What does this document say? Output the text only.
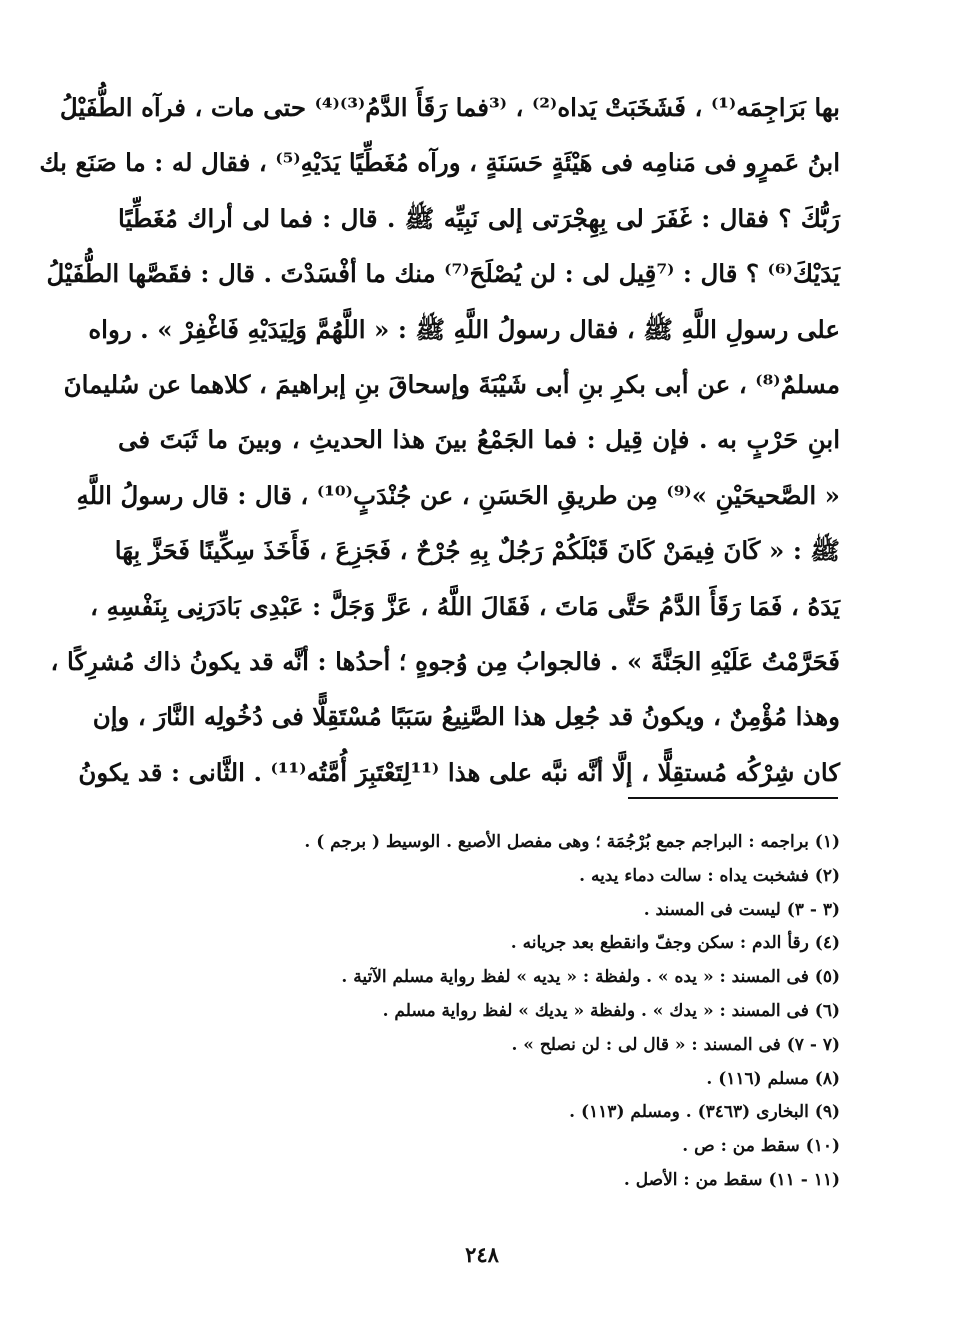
بها بَرَاجِمَه⁽¹⁾ ، فَشَخَبَتْ يَداه⁽²⁾ ، ⁽³فما رَقَأَ الدَّمُ⁽³⁾⁽⁴⁾ حتى مات ، فرآه الطُّفَيْلُ
ابنُ عَمرٍو فى مَنامِه فى هَيْئَةٍ حَسَنَةٍ ، ورآه مُغَطِّيًا يَدَيْهِ⁽⁵⁾ ، فقال له : ما صَنَع بك
رَبُّكَ ؟ فقال : غَفَرَ لى بِهِجْرَتى إلى نَبِيِّه ﷺ . قال : فما لى أراك مُغَطِّيًا
يَدَيْكَ⁽⁶⁾ ؟ قال : ⁽⁷قِيل لى : لن يُصْلَحَ⁽⁷⁾ منك ما أفْسَدْتَ . قال : فقَصَّها الطُّفَيْلُ
على رسولِ اللَّهِ ﷺ ، فقال رسولُ اللَّهِ ﷺ : « اللَّهُمَّ وَلِيَدَيْهِ فَاغْفِرْ » . رواه
مسلمٌ⁽⁸⁾ ، عن أبى بكرِ بنِ أبى شَيْبَةَ وإسحاقَ بنِ إبراهيمَ ، كلاهما عن سُليمانَ
ابنِ حَرْبٍ به . فإن قِيل : فما الجَمْعُ بينَ هذا الحديثِ ، وبينَ ما ثَبَتَ فى
« الصَّحيحَيْنِ »⁽⁹⁾ مِن طريقِ الحَسَنِ ، عن جُنْدَبٍ⁽¹⁰⁾ ، قال : قال رسولُ اللَّهِ
ﷺ : « كَانَ فِيمَنْ كَانَ قَبْلَكُمْ رَجُلٌ بِهِ جُرْحٌ ، فَجَزِعَ ، فَأَخَذَ سِكِّينًا فَحَزَّ بِهَا
يَدَهُ ، فَمَا رَقَأَ الدَّمُ حَتَّى مَاتَ ، فَقَالَ اللَّهُ ، عَزَّ وَجَلَّ : عَبْدِى بَادَرَنِى بِنَفْسِهِ ،
فَحَرَّمْتُ عَلَيْهِ الجَنَّةَ » . فالجوابُ مِن وُجوهٍ ؛ أحدُها : أنَّه قد يكونُ ذاك مُشرِكًا ،
وهذا مُؤْمِنٌ ، ويكونُ قد جُعِل هذا الصَّنِيعُ سَبَبًا مُسْتَقِلًّا فى دُخُولِه النَّارَ ، وإن
كان شِرْكُه مُستقِلًّا ، إلَّا أنَّه نبَّه على هذا ⁽¹¹لِتَعْتَبِرَ أُمَّتُه⁽¹¹⁾ . الثَّانى : قد يكونُ
(١) براجمه : البراجم جمع بُرْجُمَة ؛ وهى مفصل الأصبع . الوسيط ( برجم ) .
(٢) فشخبت يداه : سالت دماء يديه .
(٣ - ٣) ليست فى المسند .
(٤) رقأ الدم : سكن وجفّ وانقطع بعد جريانه .
(٥) فى المسند : « يده » . ولفظة : « يديه » لفظ رواية مسلم الآتية .
(٦) فى المسند : « يدك » . ولفظة « يديك » لفظ رواية مسلم .
(٧ - ٧) فى المسند : « قال لى : لن نصلح » .
(٨) مسلم (١١٦) .
(٩) البخارى (٣٤٦٣) . ومسلم (١١٣) .
(١٠) سقط من : ص .
(١١ - ١١) سقط من : الأصل .
٢٤٨
